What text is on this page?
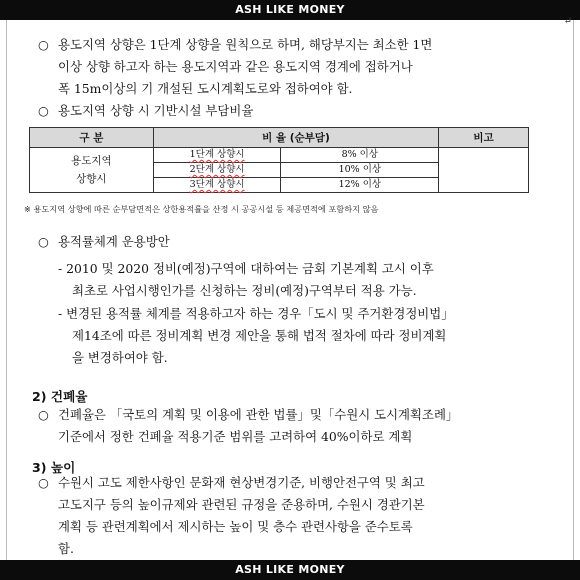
ASH LIKE MONEY
↵
○ 용도지역 상향은 1단계 상향을 원칙으로 하며, 해당부지는 최소한 1면
이상 상향 하고자 하는 용도지역과 같은 용도지역 경계에 접하거나
폭 15m이상의 기 개설된 도시계획도로와 접하여야 함.
○ 용도지역 상향 시 기반시설 부담비율
구 분	비 율 (순부담)		비고
용도지역
상향시	1단계 상향시	8% 이상	
	2단계 상향시	10% 이상	
	3단계 상향시	12% 이상	
※ 용도지역 상향에 따른 순부담면적은 상한용적률을 산정 시 공공시설 등 제공면적에 포함하지 않음
○ 용적률체계 운용방안
- 2010 및 2020 정비(예정)구역에 대하여는 금회 기본계획 고시 이후
최초로 사업시행인가를 신청하는 정비(예정)구역부터 적용 가능.
- 변경된 용적률 체계를 적용하고자 하는 경우「도시 및 주거환경정비법」
제14조에 따른 정비계획 변경 제안을 통해 법적 절차에 따라 정비계획
을 변경하여야 함.
2) 건폐율
○ 건폐율은 「국토의 계획 및 이용에 관한 법률」및「수원시 도시계획조례」
기준에서 정한 건폐율 적용기준 범위를 고려하여 40%이하로 계획
3) 높이
○ 수원시 고도 제한사항인 문화재 현상변경기준, 비행안전구역 및 최고
고도지구 등의 높이규제와 관련된 규정을 준용하며, 수원시 경관기본
계획 등 관련계획에서 제시하는 높이 및 층수 관련사항을 준수토록
함.
ASH LIKE MONEY
